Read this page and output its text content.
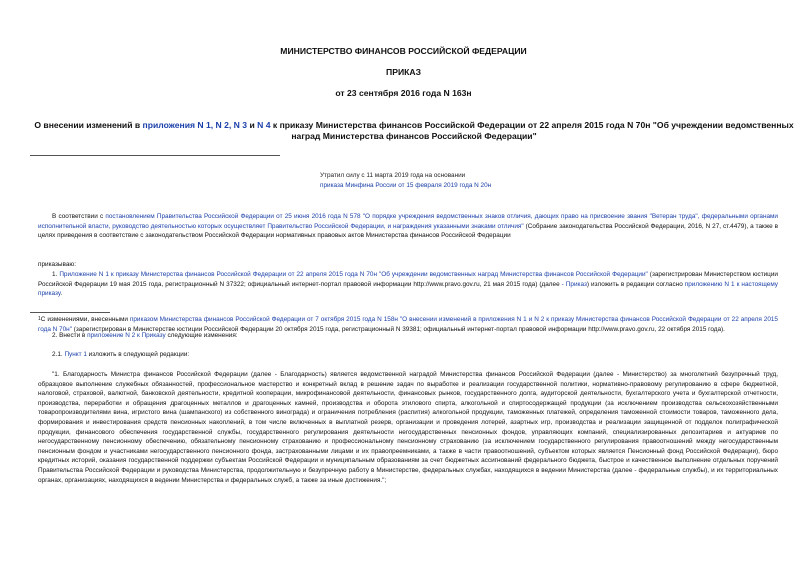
МИНИСТЕРСТВО ФИНАНСОВ РОССИЙСКОЙ ФЕДЕРАЦИИ
ПРИКАЗ
от 23 сентября 2016 года N 163н
О внесении изменений в приложения N 1, N 2, N 3 и N 4 к приказу Министерства финансов Российской Федерации от 22 апреля 2015 года N 70н "Об учреждении ведомственных наград Министерства финансов Российской Федерации"
Утратил силу с 11 марта 2019 года на основании
приказа Минфина России от 15 февраля 2019 года N 20н
В соответствии с постановлением Правительства Российской Федерации от 25 июня 2016 года N 578 "О порядке учреждения ведомственных знаков отличия, дающих право на присвоение звания "Ветеран труда", федеральными органами исполнительной власти, руководство деятельностью которых осуществляет Правительство Российской Федерации, и награждения указанными знаками отличия" (Собрание законодательства Российской Федерации, 2016, N 27, ст.4479), а также в целях приведения в соответствие с законодательством Российской Федерации нормативных правовых актов Министерства финансов Российской Федерации
приказываю:
1. Приложение N 1 к приказу Министерства финансов Российской Федерации от 22 апреля 2015 года N 70н "Об учреждении ведомственных наград Министерства финансов Российской Федерации" (зарегистрирован Министерством юстиции Российской Федерации 19 мая 2015 года, регистрационный N 37322; официальный интернет-портал правовой информации http://www.pravo.gov.ru, 21 мая 2015 года) (далее - Приказ) изложить в редакции согласно приложению N 1 к настоящему приказу.
$^1$С изменениями, внесенными приказом Министерства финансов Российской Федерации от 7 октября 2015 года N 158н "О внесении изменений в приложения N 1 и N 2 к приказу Министерства финансов Российской Федерации от 22 апреля 2015 года N 70н" (зарегистрирован в Министерстве юстиции Российской Федерации 20 октября 2015 года, регистрационный N 39381; официальный интернет-портал правовой информации http://www.pravo.gov.ru, 22 октября 2015 года).
2. Внести в приложение N 2 к Приказу следующие изменения:
2.1. Пункт 1 изложить в следующей редакции:
"1. Благодарность Министра финансов Российской Федерации (далее - Благодарность) является ведомственной наградой Министерства финансов Российской Федерации (далее - Министерство) за многолетний безупречный труд, образцовое выполнение служебных обязанностей, профессиональное мастерство и конкретный вклад в решение задач по выработке и реализации государственной политики, нормативно-правовому регулированию в сфере бюджетной, налоговой, страховой, валютной, банковской деятельности, кредитной кооперации, микрофинансовой деятельности, финансовых рынков, государственного долга, аудиторской деятельности, бухгалтерского учета и бухгалтерской отчетности, производства, переработки и обращения драгоценных металлов и драгоценных камней, производства и оборота этилового спирта, алкогольной и спиртосодержащей продукции (за исключением производства сельскохозяйственными товаропроизводителями вина, игристого вина (шампанского) из собственного винограда) и ограничения потребления (распития) алкогольной продукции, таможенных платежей, определения таможенной стоимости товаров, таможенного дела, формирования и инвестирования средств пенсионных накоплений, в том числе включенных в выплатной резерв, организации и проведения лотерей, азартных игр, производства и реализации защищенной от подделок полиграфической продукции, финансового обеспечения государственной службы, государственного регулирования деятельности негосударственных пенсионных фондов, управляющих компаний, специализированных депозитариев и актуариев по негосударственному пенсионному обеспечению, обязательному пенсионному страхованию и профессиональному пенсионному страхованию (за исключением государственного регулирования правоотношений между негосударственным пенсионным фондом и участниками негосударственного пенсионного фонда, застрахованными лицами и их правопреемниками, а также в части правоотношений, субъектом которых является Пенсионный фонд Российской Федерации), бюро кредитных историй, оказания государственной поддержки субъектам Российской Федерации и муниципальным образованиям за счет бюджетных ассигнований федерального бюджета, быстрое и качественное выполнение отдельных поручений Правительства Российской Федерации и руководства Министерства, продолжительную и безупречную работу в Министерстве, федеральных службах, находящихся в ведении Министерства (далее - федеральные службы), и их территориальных органах, организациях, находящихся в ведении Министерства и федеральных служб, а также за иные достижения.";
